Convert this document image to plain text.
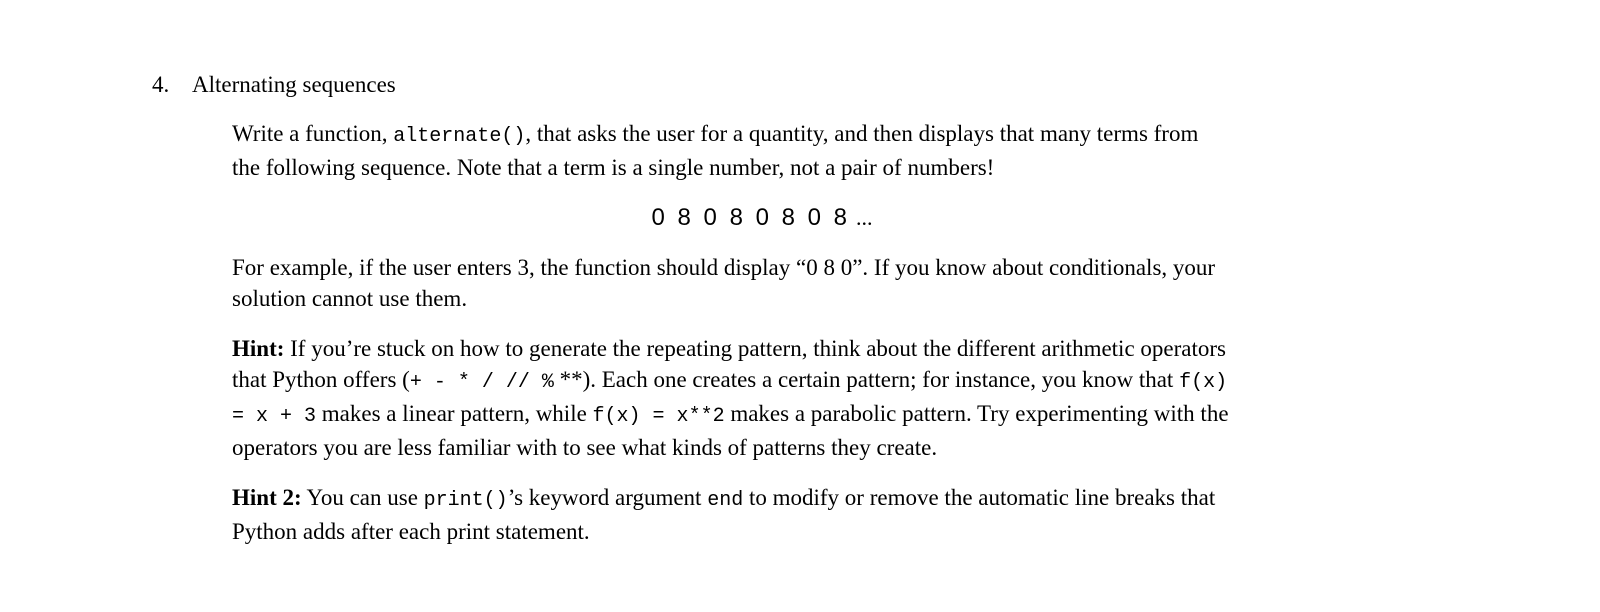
4. Alternating sequences

Write a function, alternate(), that asks the user for a quantity, and then displays that many terms from the following sequence. Note that a term is a single number, not a pair of numbers!

0 8 0 8 0 8 0 8 ...

For example, if the user enters 3, the function should display “0 8 0”. If you know about conditionals, your solution cannot use them.

Hint: If you’re stuck on how to generate the repeating pattern, think about the different arithmetic operators that Python offers (+ - * / // % **). Each one creates a certain pattern; for instance, you know that f(x) = x + 3 makes a linear pattern, while f(x) = x**2 makes a parabolic pattern. Try experimenting with the operators you are less familiar with to see what kinds of patterns they create.

Hint 2: You can use print()’s keyword argument end to modify or remove the automatic line breaks that Python adds after each print statement.
